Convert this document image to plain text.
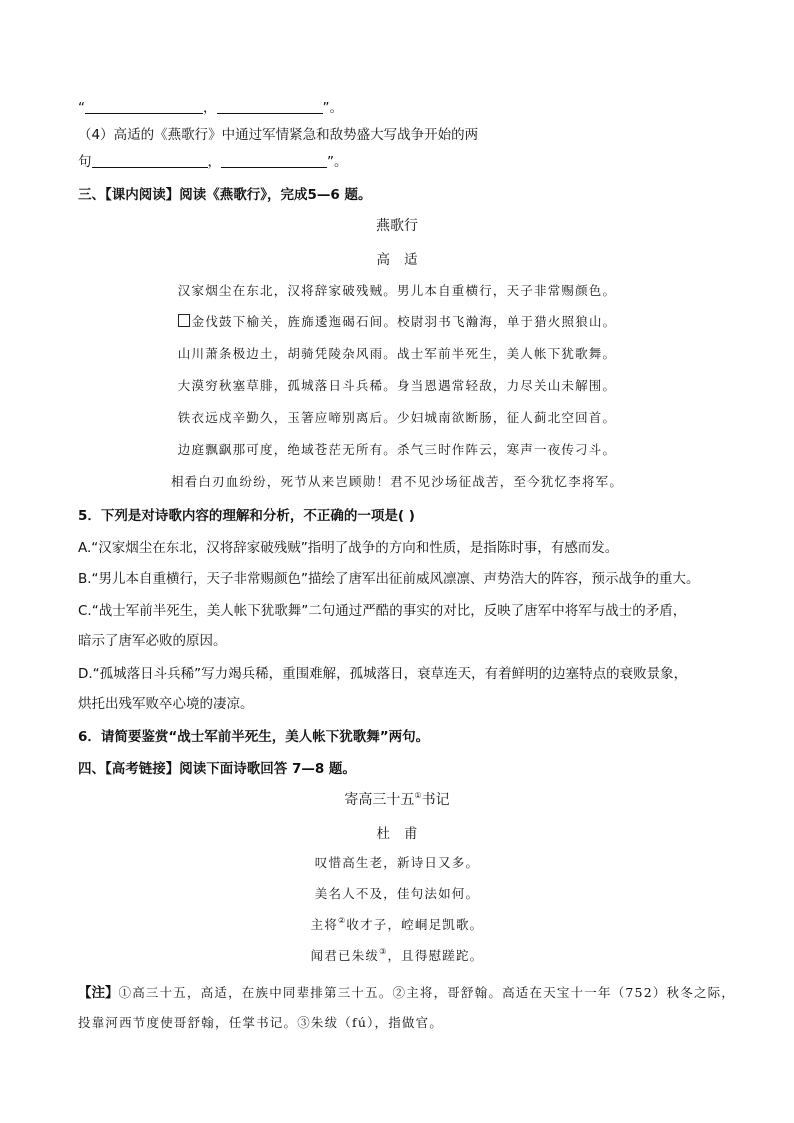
“	，	”。
（4）高适的《燕歌行》中通过军情紧急和敌势盛大写战争开始的两
句	，	”。
三、【课内阅读】阅读《燕歌行》，完成5—6 题。
燕歌行
高适
汉家烟尘在东北，汉将辞家破残贼。男儿本自重横行，天子非常赐颜色。
金伐鼓下榆关，旌旆逶迤碣石间。校尉羽书飞瀚海，单于猎火照狼山。
山川萧条极边土，胡骑凭陵杂风雨。战士军前半死生，美人帐下犹歌舞。
大漠穷秋塞草腓，孤城落日斗兵稀。身当恩遇常轻敌，力尽关山未解围。
铁衣远戍辛勤久，玉箸应啼别离后。少妇城南欲断肠，征人蓟北空回首。
边庭飘飖那可度，绝域苍茫无所有。杀气三时作阵云，寒声一夜传刁斗。
相看白刃血纷纷，死节从来岂顾勋！君不见沙场征战苦，至今犹忆李将军。
5．下列是对诗歌内容的理解和分析，不正确的一项是( )
A.“汉家烟尘在东北，汉将辞家破残贼”指明了战争的方向和性质，是指陈时事，有感而发。
B.“男儿本自重横行，天子非常赐颜色”描绘了唐军出征前威风凛凛、声势浩大的阵容，预示战争的重大。
C.“战士军前半死生，美人帐下犹歌舞”二句通过严酷的事实的对比，反映了唐军中将军与战士的矛盾，
暗示了唐军必败的原因。
D.“孤城落日斗兵稀”写力竭兵稀，重围难解，孤城落日，衰草连天，有着鲜明的边塞特点的衰败景象，
烘托出残军败卒心境的凄凉。
6．请简要鉴赏“战士军前半死生，美人帐下犹歌舞”两句。
四、【高考链接】阅读下面诗歌回答 7—8 题。
寄高三十五①书记
杜甫
叹惜高生老，新诗日又多。
美名人不及，佳句法如何。
主将②收才子，崆峒足凯歌。
闻君已朱绂③，且得慰蹉跎。
【注】①高三十五，高适，在族中同辈排第三十五。②主将，哥舒翰。高适在天宝十一年（752）秋冬之际，
投靠河西节度使哥舒翰，任掌书记。③朱绂（fú），指做官。
